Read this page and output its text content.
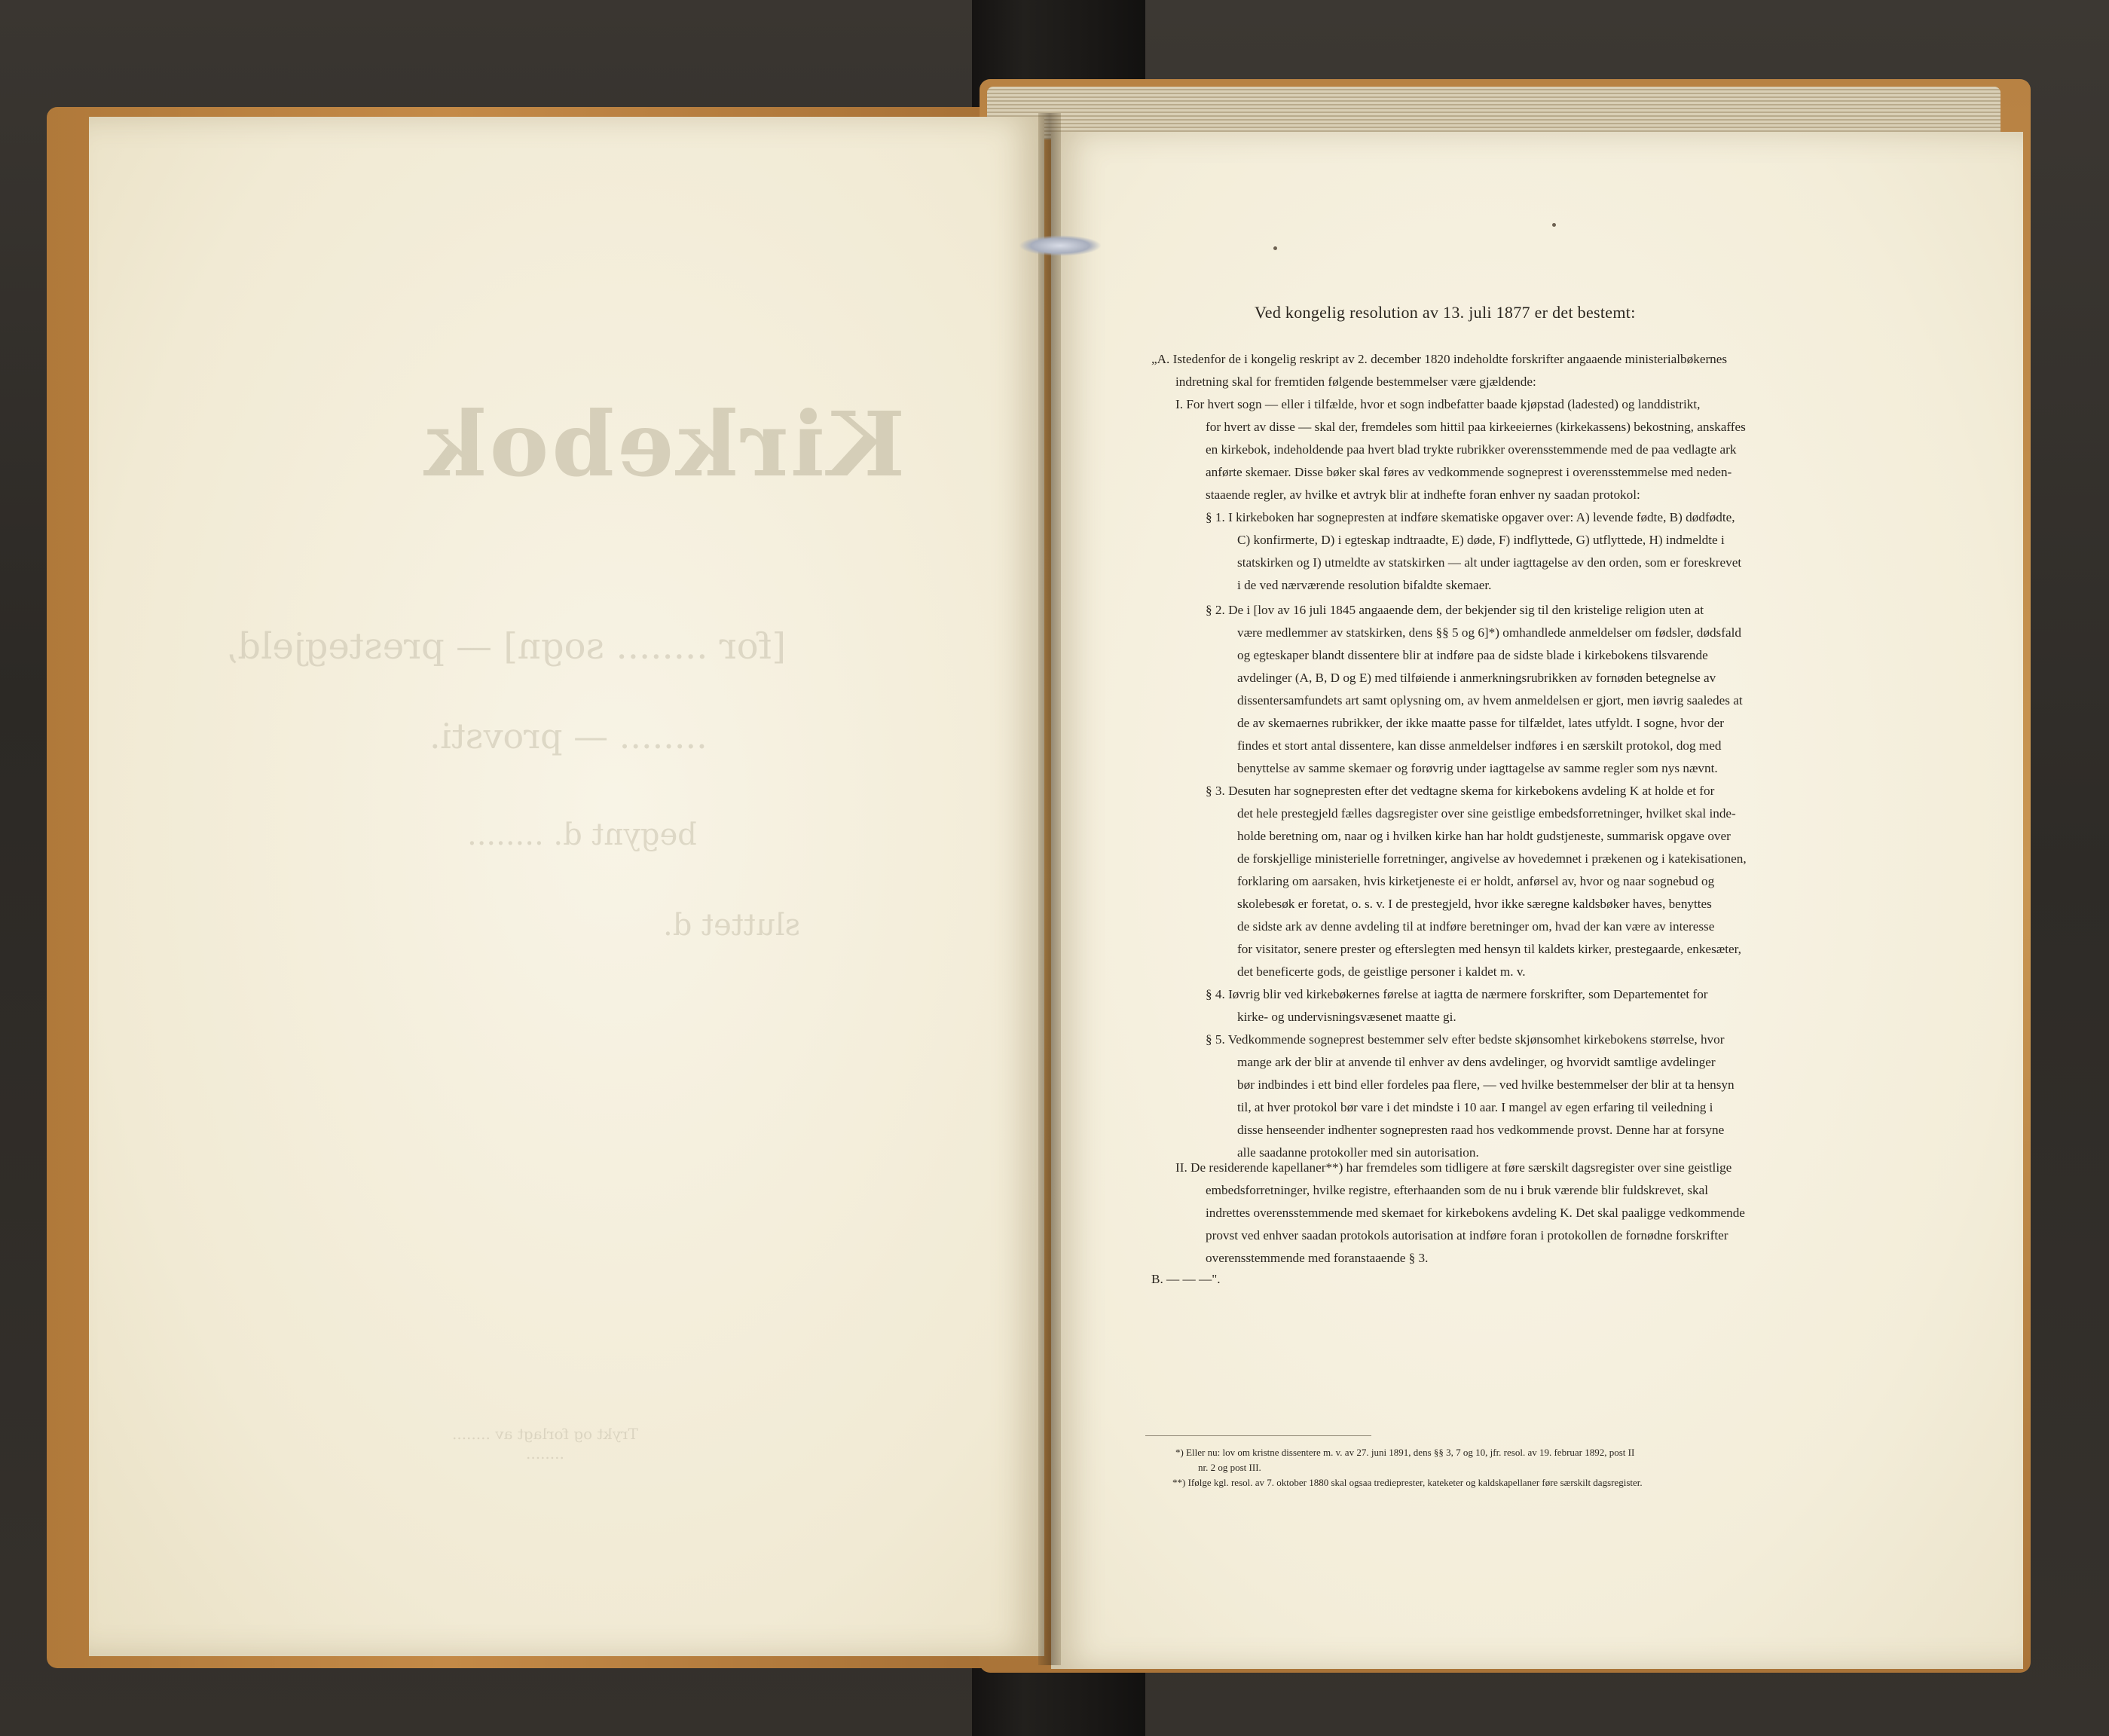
Kirkebok
[for ........ sogn] — prestegjeld,
........ — provsti.
begynt d. ........
sluttet d.
Trykt og forlagt av ........
........
Ved kongelig resolution av 13. juli 1877 er det bestemt:
„A. Istedenfor de i kongelig reskript av 2. december 1820 indeholdte forskrifter angaaende ministerialbøkernes
indretning skal for fremtiden følgende bestemmelser være gjældende:
I. For hvert sogn — eller i tilfælde, hvor et sogn indbefatter baade kjøpstad (ladested) og landdistrikt,
for hvert av disse — skal der, fremdeles som hittil paa kirkeeiernes (kirkekassens) bekostning, anskaffes
en kirkebok, indeholdende paa hvert blad trykte rubrikker overensstemmende med de paa vedlagte ark
anførte skemaer. Disse bøker skal føres av vedkommende sogneprest i overensstemmelse med neden-
staaende regler, av hvilke et avtryk blir at indhefte foran enhver ny saadan protokol:
§ 1. I kirkeboken har sognepresten at indføre skematiske opgaver over: A) levende fødte, B) dødfødte,
C) konfirmerte, D) i egteskap indtraadte, E) døde, F) indflyttede, G) utflyttede, H) indmeldte i
statskirken og I) utmeldte av statskirken — alt under iagttagelse av den orden, som er foreskrevet
i de ved nærværende resolution bifaldte skemaer.
§ 2. De i [lov av 16 juli 1845 angaaende dem, der bekjender sig til den kristelige religion uten at
være medlemmer av statskirken, dens §§ 5 og 6]*) omhandlede anmeldelser om fødsler, dødsfald
og egteskaper blandt dissentere blir at indføre paa de sidste blade i kirkebokens tilsvarende
avdelinger (A, B, D og E) med tilføiende i anmerkningsrubrikken av fornøden betegnelse av
dissentersamfundets art samt oplysning om, av hvem anmeldelsen er gjort, men iøvrig saaledes at
de av skemaernes rubrikker, der ikke maatte passe for tilfældet, lates utfyldt. I sogne, hvor der
findes et stort antal dissentere, kan disse anmeldelser indføres i en særskilt protokol, dog med
benyttelse av samme skemaer og forøvrig under iagttagelse av samme regler som nys nævnt.
§ 3. Desuten har sognepresten efter det vedtagne skema for kirkebokens avdeling K at holde et for
det hele prestegjeld fælles dagsregister over sine geistlige embedsforretninger, hvilket skal inde-
holde beretning om, naar og i hvilken kirke han har holdt gudstjeneste, summarisk opgave over
de forskjellige ministerielle forretninger, angivelse av hovedemnet i prækenen og i katekisationen,
forklaring om aarsaken, hvis kirketjeneste ei er holdt, anførsel av, hvor og naar sognebud og
skolebesøk er foretat, o. s. v. I de prestegjeld, hvor ikke særegne kaldsbøker haves, benyttes
de sidste ark av denne avdeling til at indføre beretninger om, hvad der kan være av interesse
for visitator, senere prester og efterslegten med hensyn til kaldets kirker, prestegaarde, enkesæter,
det beneficerte gods, de geistlige personer i kaldet m. v.
§ 4. Iøvrig blir ved kirkebøkernes førelse at iagtta de nærmere forskrifter, som Departementet for
kirke- og undervisningsvæsenet maatte gi.
§ 5. Vedkommende sogneprest bestemmer selv efter bedste skjønsomhet kirkebokens størrelse, hvor
mange ark der blir at anvende til enhver av dens avdelinger, og hvorvidt samtlige avdelinger
bør indbindes i ett bind eller fordeles paa flere, — ved hvilke bestemmelser der blir at ta hensyn
til, at hver protokol bør vare i det mindste i 10 aar. I mangel av egen erfaring til veiledning i
disse henseender indhenter sognepresten raad hos vedkommende provst. Denne har at forsyne
alle saadanne protokoller med sin autorisation.
II. De residerende kapellaner**) har fremdeles som tidligere at føre særskilt dagsregister over sine geistlige
embedsforretninger, hvilke registre, efterhaanden som de nu i bruk værende blir fuldskrevet, skal
indrettes overensstemmende med skemaet for kirkebokens avdeling K. Det skal paaligge vedkommende
provst ved enhver saadan protokols autorisation at indføre foran i protokollen de fornødne forskrifter
overensstemmende med foranstaaende § 3.
B. — — —".
*) Eller nu: lov om kristne dissentere m. v. av 27. juni 1891, dens §§ 3, 7 og 10, jfr. resol. av 19. februar 1892, post II
nr. 2 og post III.
**) Ifølge kgl. resol. av 7. oktober 1880 skal ogsaa tredieprester, kateketer og kaldskapellaner føre særskilt dagsregister.
